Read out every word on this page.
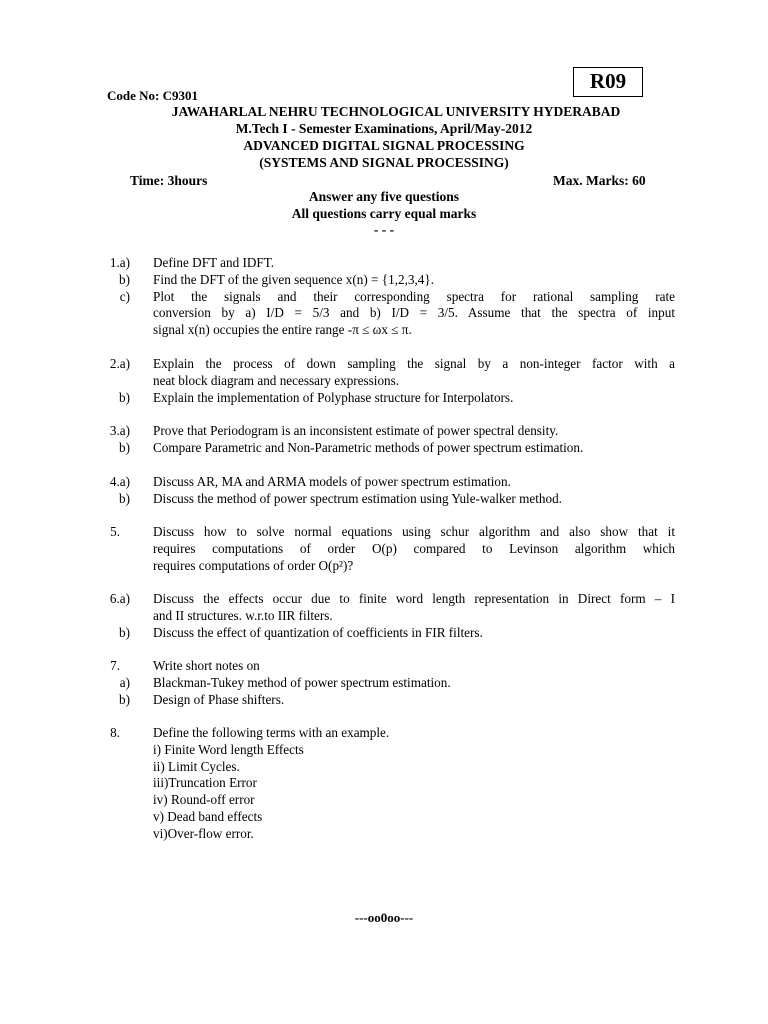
R09
Code No: C9301
JAWAHARLAL NEHRU TECHNOLOGICAL UNIVERSITY HYDERABAD
M.Tech I - Semester Examinations, April/May-2012
ADVANCED DIGITAL SIGNAL PROCESSING
(SYSTEMS AND SIGNAL PROCESSING)
Time: 3hours	Max. Marks: 60
Answer any five questions
All questions carry equal marks
- - -
1.a) Define DFT and IDFT.
b) Find the DFT of the given sequence x(n) = {1,2,3,4}.
c) Plot the signals and their corresponding spectra for rational sampling rate
conversion by a) I/D = 5/3 and b) I/D = 3/5. Assume that the spectra of input
signal x(n) occupies the entire range -π ≤ ωx ≤ π.
2.a) Explain the process of down sampling the signal by a non-integer factor with a
neat block diagram and necessary expressions.
b) Explain the implementation of Polyphase structure for Interpolators.
3.a) Prove that Periodogram is an inconsistent estimate of power spectral density.
b) Compare Parametric and Non-Parametric methods of power spectrum estimation.
4.a) Discuss AR, MA and ARMA models of power spectrum estimation.
b) Discuss the method of power spectrum estimation using Yule-walker method.
5.	Discuss how to solve normal equations using schur algorithm and also show that it
requires computations of order O(p) compared to Levinson algorithm which
requires computations of order O(p²)?
6.a) Discuss the effects occur due to finite word length representation in Direct form – I
and II structures. w.r.to IIR filters.
b) Discuss the effect of quantization of coefficients in FIR filters.
7.	Write short notes on
a) Blackman-Tukey method of power spectrum estimation.
b) Design of Phase shifters.
8.	Define the following terms with an example.
i) Finite Word length Effects
ii) Limit Cycles.
iii)Truncation Error
iv) Round-off error
v) Dead band effects
vi)Over-flow error.
---oo0oo---
